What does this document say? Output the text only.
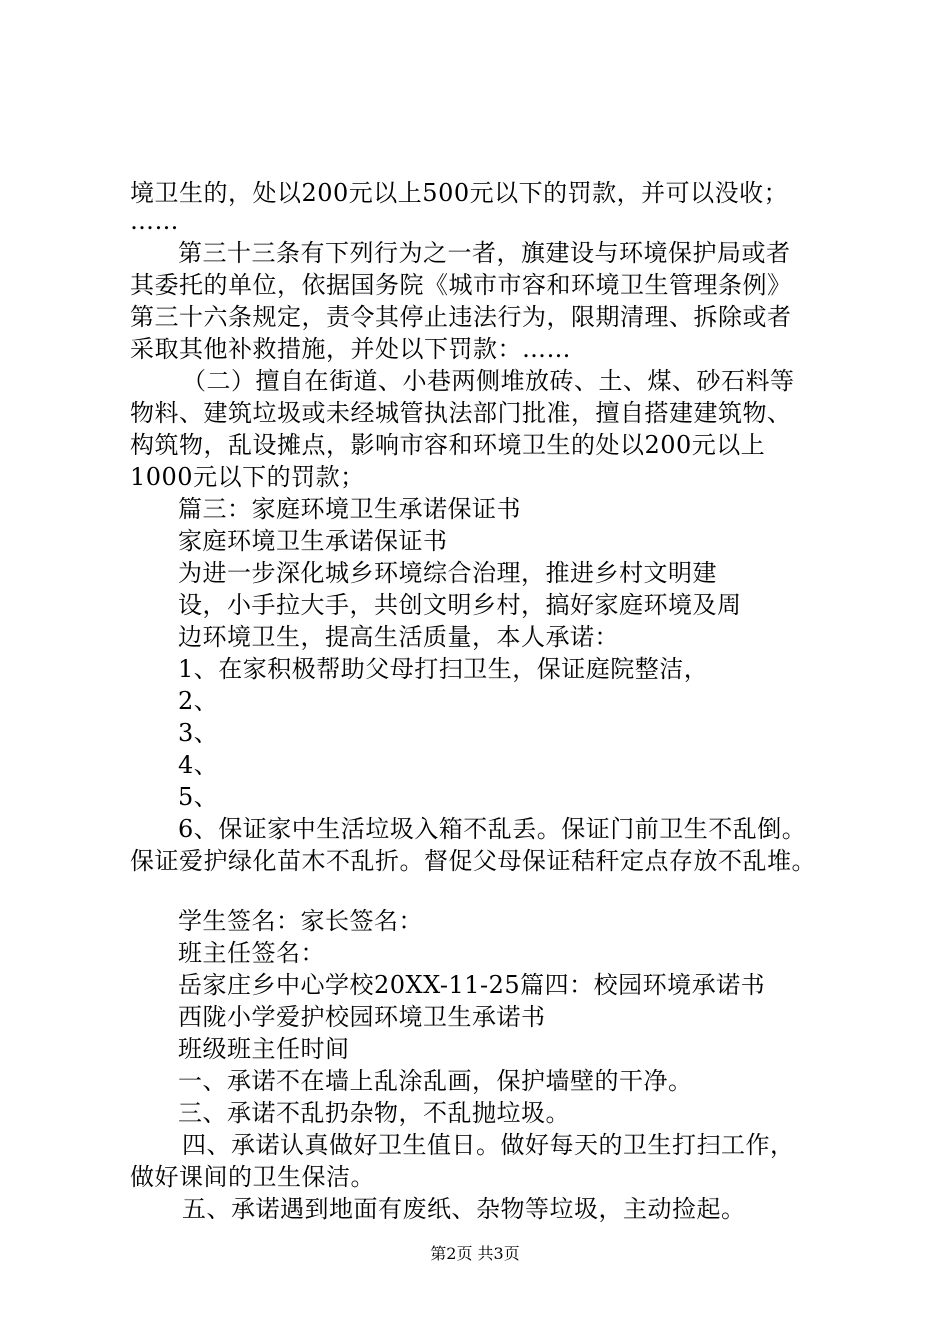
境卫生的，处以200元以上500元以下的罚款，并可以没收；
……
第三十三条有下列行为之一者，旗建设与环境保护局或者
其委托的单位，依据国务院《城市市容和环境卫生管理条例》
第三十六条规定，责令其停止违法行为，限期清理、拆除或者
采取其他补救措施，并处以下罚款：……
（二）擅自在街道、小巷两侧堆放砖、土、煤、砂石料等
物料、建筑垃圾或未经城管执法部门批准，擅自搭建建筑物、
构筑物，乱设摊点，影响市容和环境卫生的处以200元以上
1000元以下的罚款；
篇三：家庭环境卫生承诺保证书
家庭环境卫生承诺保证书
为进一步深化城乡环境综合治理，推进乡村文明建
设，小手拉大手，共创文明乡村，搞好家庭环境及周
边环境卫生，提高生活质量，本人承诺：
1、在家积极帮助父母打扫卫生，保证庭院整洁，
2、
3、
4、
5、
6、保证家中生活垃圾入箱不乱丢。保证门前卫生不乱倒。
保证爱护绿化苗木不乱折。督促父母保证秸秆定点存放不乱堆。
学生签名：家长签名：
班主任签名：
岳家庄乡中心学校20XX-11-25篇四：校园环境承诺书
西陇小学爱护校园环境卫生承诺书
班级班主任时间
一、承诺不在墙上乱涂乱画，保护墙壁的干净。
三、承诺不乱扔杂物，不乱抛垃圾。
四、承诺认真做好卫生值日。做好每天的卫生打扫工作，
做好课间的卫生保洁。
五、承诺遇到地面有废纸、杂物等垃圾，主动捡起。
第2页 共3页
